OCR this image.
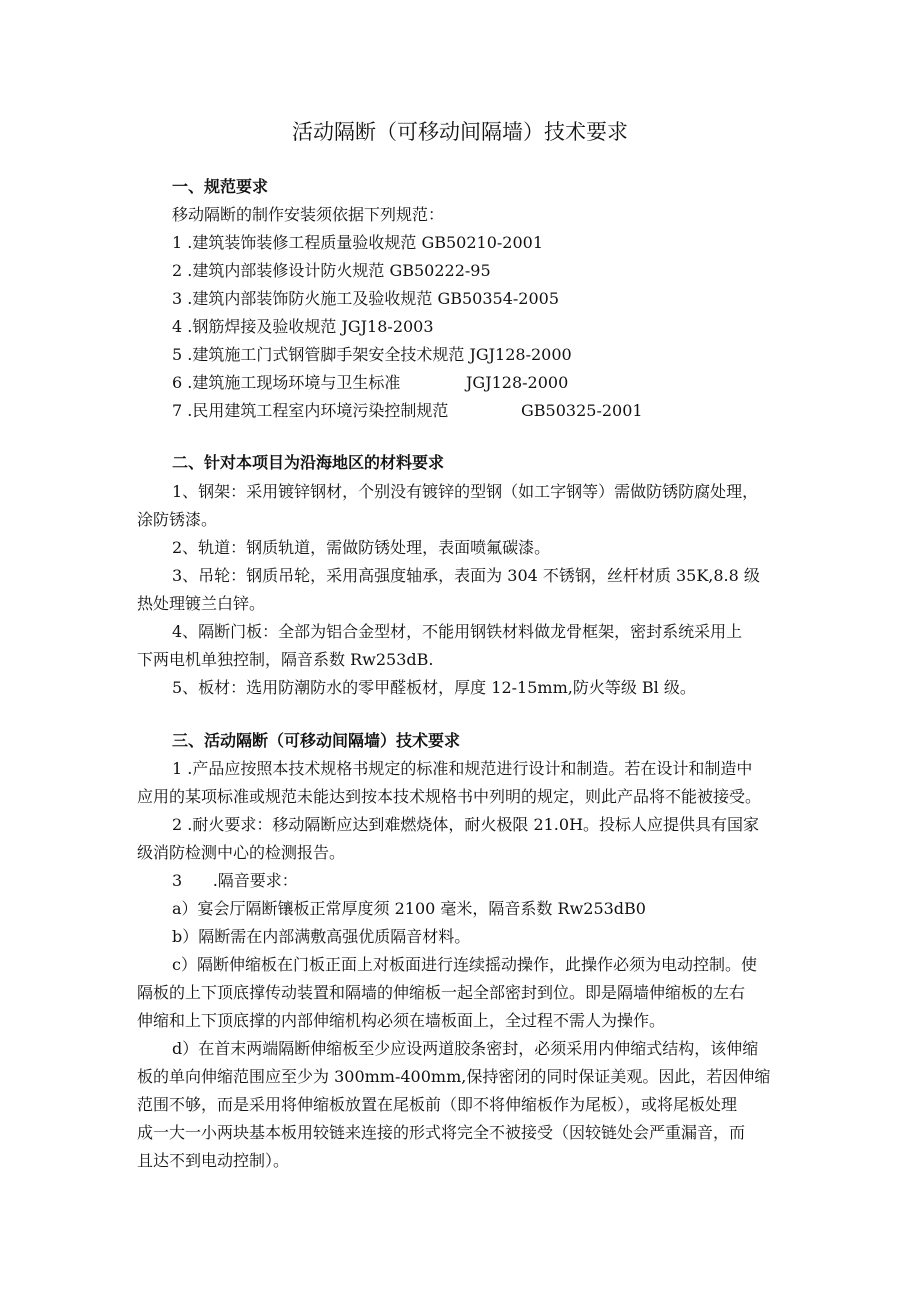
活动隔断（可移动间隔墙）技术要求
一、规范要求

移动隔断的制作安装须依据下列规范：

1 .建筑装饰装修工程质量验收规范 GB50210-2001

2 .建筑内部装修设计防火规范 GB50222-95

3 .建筑内部装饰防火施工及验收规范 GB50354-2005

4 .钢筋焊接及验收规范 JGJ18-2003

5 .建筑施工门式钢管脚手架安全技术规范 JGJ128-2000

6 .建筑施工现场环境与卫生标准	JGJ128-2000

7 .民用建筑工程室内环境污染控制规范	GB50325-2001

二、针对本项目为沿海地区的材料要求

1、钢架：采用镀锌钢材，个别没有镀锌的型钢（如工字钢等）需做防锈防腐处理，

涂防锈漆。

2、轨道：钢质轨道，需做防锈处理，表面喷氟碳漆。

3、吊轮：钢质吊轮，采用高强度轴承，表面为 304 不锈钢，丝杆材质 35K,8.8 级

热处理镀兰白锌。

4、隔断门板：全部为铝合金型材，不能用钢铁材料做龙骨框架，密封系统采用上

下两电机单独控制，隔音系数 Rw253dB.

5、板材：选用防潮防水的零甲醛板材，厚度 12-15mm,防火等级 Bl 级。

三、活动隔断（可移动间隔墙）技术要求

1 .产品应按照本技术规格书规定的标准和规范进行设计和制造。若在设计和制造中

应用的某项标准或规范未能达到按本技术规格书中列明的规定，则此产品将不能被接受。

2 .耐火要求：移动隔断应达到难燃烧体，耐火极限 21.0H。投标人应提供具有国家

级消防检测中心的检测报告。

3      .隔音要求：

a）宴会厅隔断镶板正常厚度须 2100 毫米，隔音系数 Rw253dB0

b）隔断需在内部满敷高强优质隔音材料。

c）隔断伸缩板在门板正面上对板面进行连续摇动操作，此操作必须为电动控制。使

隔板的上下顶底撑传动装置和隔墙的伸缩板一起全部密封到位。即是隔墙伸缩板的左右

伸缩和上下顶底撑的内部伸缩机构必须在墙板面上，全过程不需人为操作。

d）在首末两端隔断伸缩板至少应设两道胶条密封，必须采用内伸缩式结构，该伸缩

板的单向伸缩范围应至少为 300mm-400mm,保持密闭的同时保证美观。因此，若因伸缩

范围不够，而是采用将伸缩板放置在尾板前（即不将伸缩板作为尾板），或将尾板处理

成一大一小两块基本板用较链来连接的形式将完全不被接受（因较链处会严重漏音，而

且达不到电动控制）。
